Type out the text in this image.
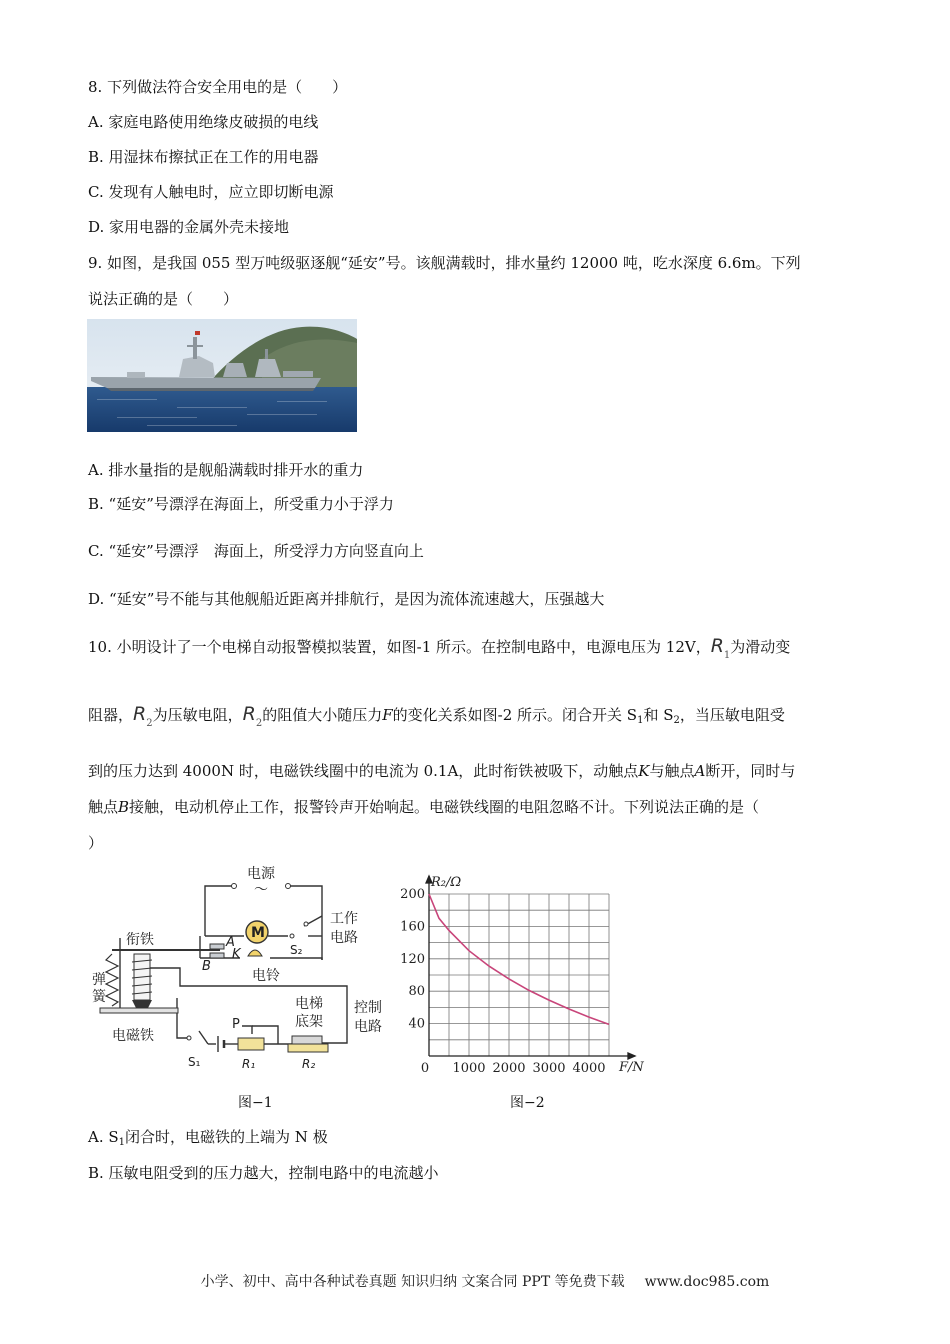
8. 下列做法符合安全用电的是（　　）
A. 家庭电路使用绝缘皮破损的电线
B. 用湿抹布擦拭正在工作的用电器
C. 发现有人触电时，应立即切断电源
D. 家用电器的金属外壳未接地
9. 如图，是我国 055 型万吨级驱逐舰“延安”号。该舰满载时，排水量约 12000 吨，吃水深度 6.6m。下列
说法正确的是（　　）
A. 排水量指的是舰船满载时排开水的重力
B. “延安”号漂浮在海面上，所受重力小于浮力
C. “延安”号漂浮　海面上，所受浮力方向竖直向上
D. “延安”号不能与其他舰船近距离并排航行，是因为流体流速越大，压强越大
10. 小明设计了一个电梯自动报警模拟装置，如图-1 所示。在控制电路中，电源电压为 12V，$R_1$为滑动变
阻器，$R_2$为压敏电阻，$R_2$的阻值大小随压力F的变化关系如图-2 所示。闭合开关 $S_1$和 $S_2$，当压敏电阻受
到的压力达到 4000N 时，电磁铁线圈中的电流为 0.1A，此时衔铁被吸下，动触点K与触点A断开，同时与
触点B接触，电动机停止工作，报警铃声开始响起。电磁铁线圈的电阻忽略不计。下列说法正确的是（
）
电源
～
M
S₂
工作
电路
衔铁	A
K
B
电铃
弹
簧
电磁铁
S₁
P
R₁
电梯
底架
R₂
控制
电路
图−1
200
160
120
80
40
0 1000 2000 3000 4000
R₂/Ω
F/N
图−2
A. $S_1$闭合时，电磁铁的上端为 N 极
B. 压敏电阻受到的压力越大，控制电路中的电流越小
小学、初中、高中各种试卷真题 知识归纳 文案合同 PPT 等免费下载 www.doc985.com
